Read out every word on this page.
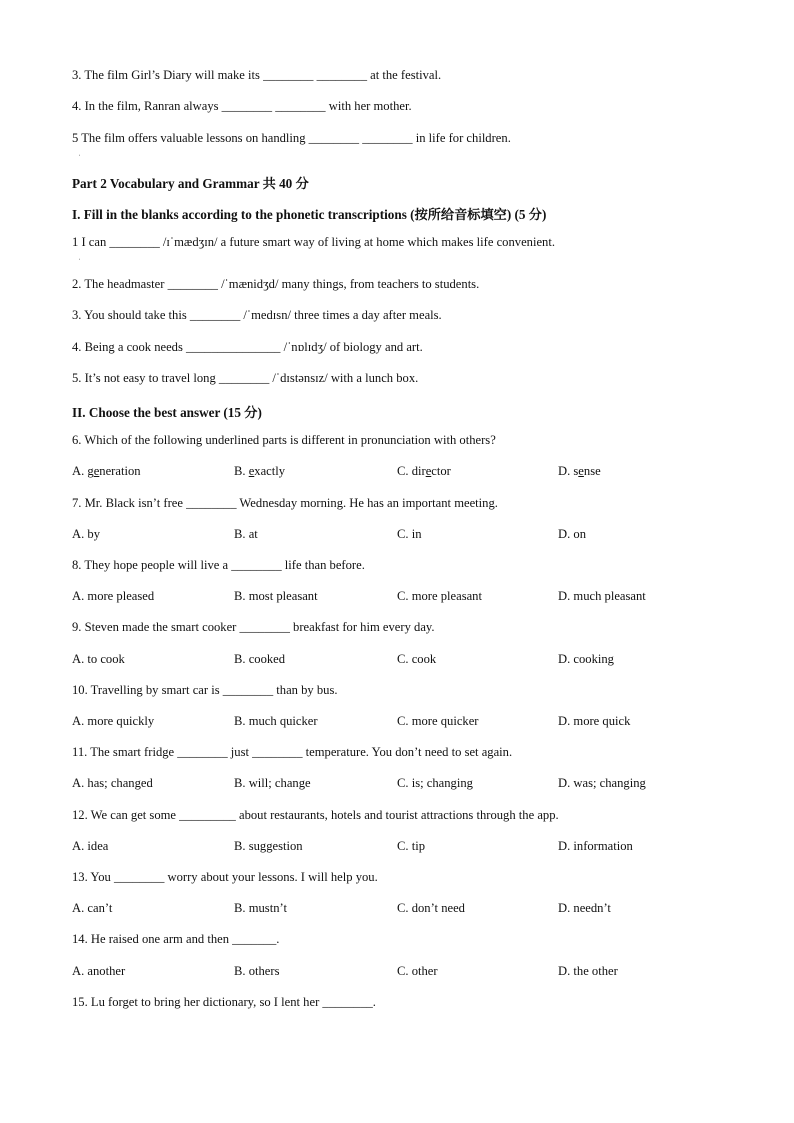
3. The film Girl’s Diary will make its ________ ________ at the festival.
4. In the film, Ranran always ________ ________ with her mother.
5 The film offers valuable lessons on handling ________ ________ in life for children.
ˌ
Part 2 Vocabulary and Grammar 共 40 分
I. Fill in the blanks according to the phonetic transcriptions (按所给音标填空) (5 分)
1 I can ________ /ɪˈmædʒɪn/ a future smart way of living at home which makes life convenient.
ˌ
2. The headmaster ________ /ˈmænidʒd/ many things, from teachers to students.
3. You should take this ________ /ˈmedɪsn/ three times a day after meals.
4. Being a cook needs _______________ /ˈnɒlɪdʒ/ of biology and art.
5. It’s not easy to travel long ________ /ˈdɪstənsɪz/ with a lunch box.
II. Choose the best answer (15 分)
6. Which of the following underlined parts is different in pronunciation with others?
A. generation	B. exactly	C. director	D. sense
7. Mr. Black isn’t free ________ Wednesday morning. He has an important meeting.
A. by	B. at	C. in	D. on
8. They hope people will live a ________ life than before.
A. more pleased	B. most pleasant	C. more pleasant	D. much pleasant
9. Steven made the smart cooker ________ breakfast for him every day.
A. to cook	B. cooked	C. cook	D. cooking
10. Travelling by smart car is ________ than by bus.
A. more quickly	B. much quicker	C. more quicker	D. more quick
11. The smart fridge ________ just ________ temperature. You don’t need to set again.
A. has; changed	B. will; change	C. is; changing	D. was; changing
12. We can get some _________ about restaurants, hotels and tourist attractions through the app.
A. idea	B. suggestion	C. tip	D. information
13. You ________ worry about your lessons. I will help you.
A. can’t	B. mustn’t	C. don’t need	D. needn’t
14. He raised one arm and then _______.
A. another	B. others	C. other	D. the other
15. Lu forget to bring her dictionary, so I lent her ________.
